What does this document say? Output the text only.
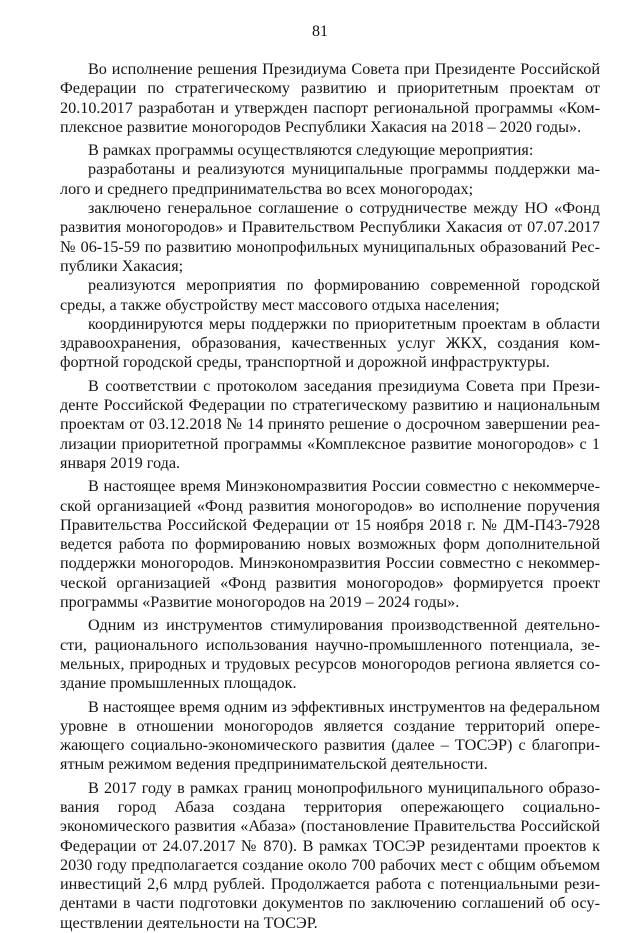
81

Во исполнение решения Президиума Совета при Президенте Российской Федерации по стратегическому развитию и приоритетным проектам от 20.10.2017 разработан и утвержден паспорт региональной программы «Комплексное развитие моногородов Республики Хакасия на 2018 – 2020 годы».

В рамках программы осуществляются следующие мероприятия:

разработаны и реализуются муниципальные программы поддержки малого и среднего предпринимательства во всех моногородах;

заключено генеральное соглашение о сотрудничестве между НО «Фонд развития моногородов» и Правительством Республики Хакасия от 07.07.2017 № 06-15-59 по развитию монопрофильных муниципальных образований Республики Хакасия;

реализуются мероприятия по формированию современной городской среды, а также обустройству мест массового отдыха населения;

координируются меры поддержки по приоритетным проектам в области здравоохранения, образования, качественных услуг ЖКХ, создания комфортной городской среды, транспортной и дорожной инфраструктуры.

В соответствии с протоколом заседания президиума Совета при Президенте Российской Федерации по стратегическому развитию и национальным проектам от 03.12.2018 № 14 принято решение о досрочном завершении реализации приоритетной программы «Комплексное развитие моногородов» с 1 января 2019 года.

В настоящее время Минэкономразвития России совместно с некоммерческой организацией «Фонд развития моногородов» во исполнение поручения Правительства Российской Федерации от 15 ноября 2018 г. № ДМ-П43-7928 ведется работа по формированию новых возможных форм дополнительной поддержки моногородов. Минэкономразвития России совместно с некоммерческой организацией «Фонд развития моногородов» формируется проект программы «Развитие моногородов на 2019 – 2024 годы».

Одним из инструментов стимулирования производственной деятельности, рационального использования научно-промышленного потенциала, земельных, природных и трудовых ресурсов моногородов региона является создание промышленных площадок.

В настоящее время одним из эффективных инструментов на федеральном уровне в отношении моногородов является создание территорий опережающего социально-экономического развития (далее – ТОСЭР) с благоприятным режимом ведения предпринимательской деятельности.

В 2017 году в рамках границ монопрофильного муниципального образования город Абаза создана территория опережающего социально-экономического развития «Абаза» (постановление Правительства Российской Федерации от 24.07.2017 № 870). В рамках ТОСЭР резидентами проектов к 2030 году предполагается создание около 700 рабочих мест с общим объемом инвестиций 2,6 млрд рублей. Продолжается работа с потенциальными резидентами в части подготовки документов по заключению соглашений об осуществлении деятельности на ТОСЭР.
